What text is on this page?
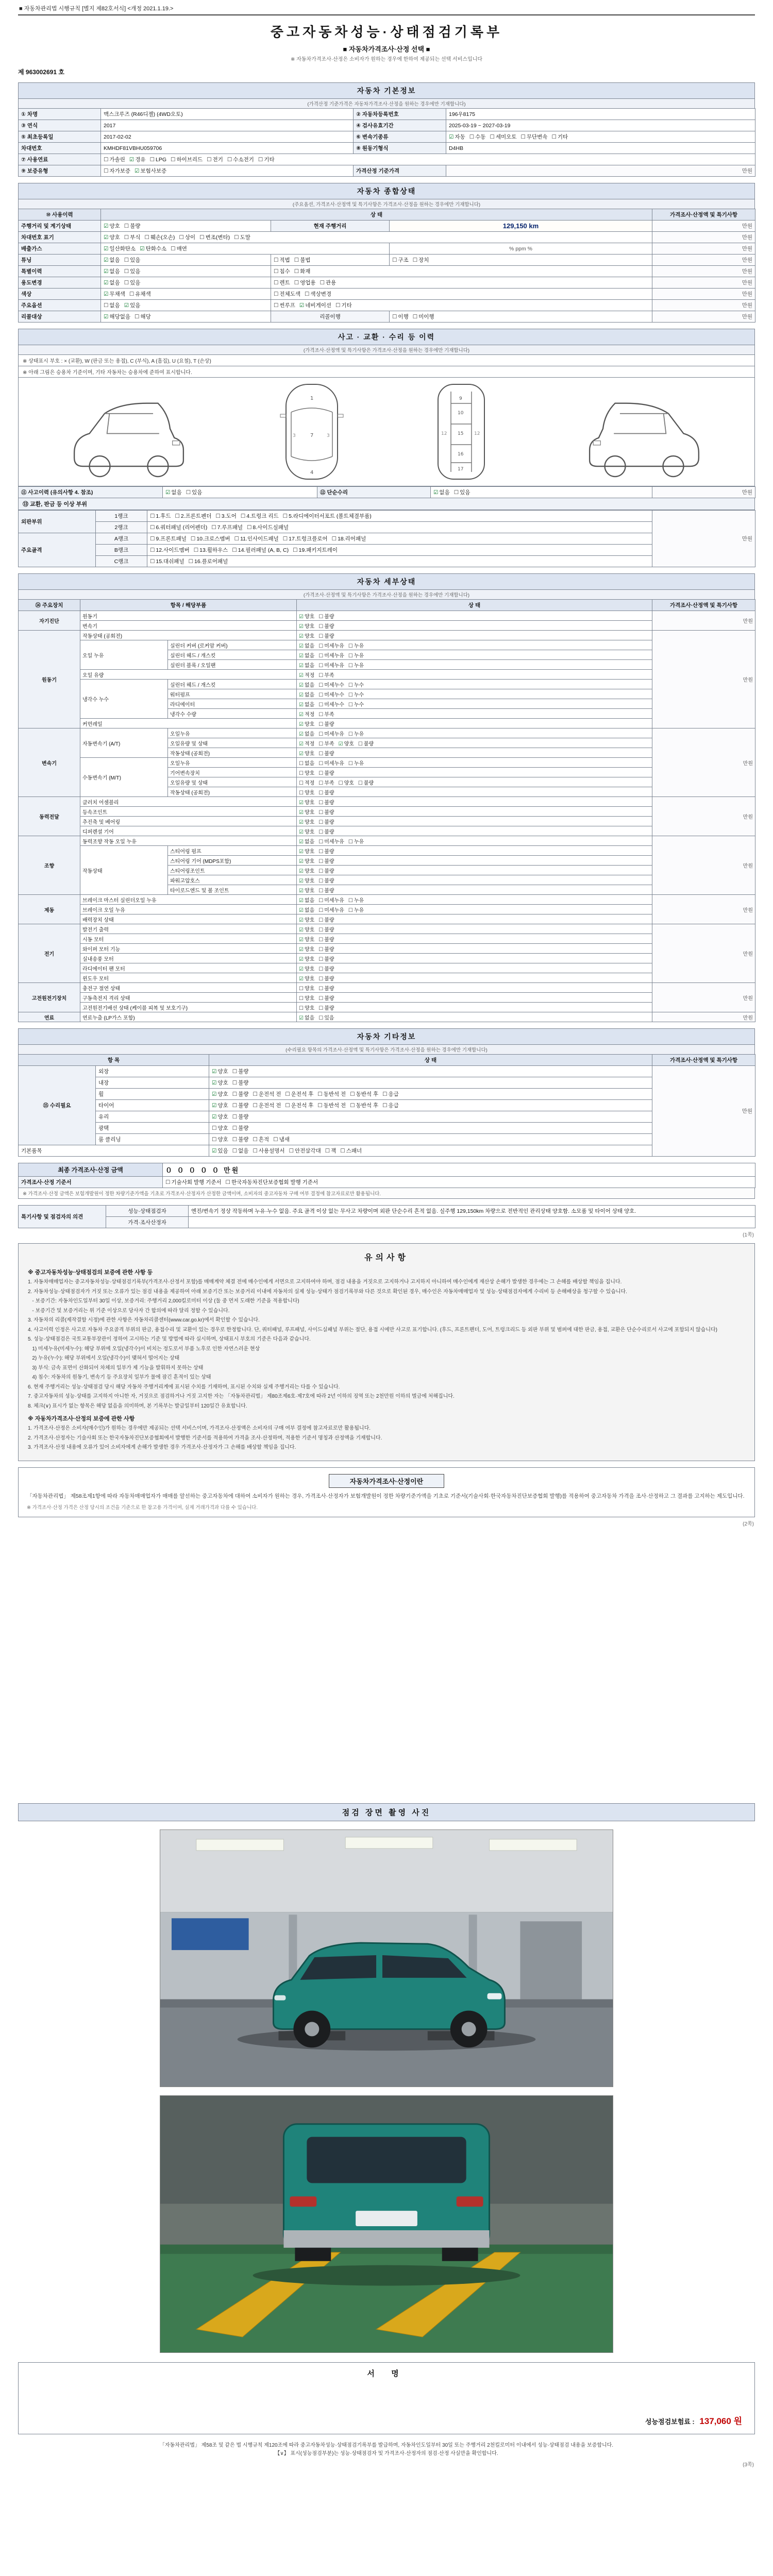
■ 자동차관리법 시행규칙 [별지 제82호서식] <개정 2021.1.19.>
중고자동차성능·상태점검기록부
■ 자동차가격조사·산정 선택 ■
※ 자동차가격조사·산정은 소비자가 원하는 경우에 한하여 제공되는 선택 서비스입니다
제 963002691 호
자동차 기본정보
(가격산정 기준가격은 자동차가격조사·산정을 원하는 경우에만 기재합니다)
① 차명	맥스크루즈 (R46디젤) (4WD오토)	② 자동차등록번호	196우8175
③ 연식	2017	④ 검사유효기간	2025-03-19 ~ 2027-03-19
⑤ 최초등록일	2017-02-02	⑥ 변속기종류	☑ 자동 ☐ 수동 ☐ 세미오토 ☐ 무단변속 ☐ 기타
차대번호	KMHDF81VBHU059706	⑧ 원동기형식	D4HB
⑦ 사용연료	☐ 가솔린 ☑ 경유 ☐ LPG ☐ 하이브리드 ☐ 전기 ☐ 수소전기 ☐ 기타		
⑨ 보증유형	☐ 자가보증 ☑ 보험사보증	가격산정 기준가격	만원
자동차 종합상태
(주요옵션, 가격조사·산정액 및 특기사항은 가격조사·산정을 원하는 경우에만 기재합니다)
⑩ 사용이력	상 태			가격조사·산정액 및 특기사항
주행거리 및 계기상태	☑ 양호 ☐ 불량	현재 주행거리	129,150 km	만원
차대번호 표기	☑ 양호 ☐ 부식 ☐ 훼손(오손) ☐ 상이 ☐ 변조(변타) ☐ 도말			만원
배출가스	☑ 일산화탄소 ☑ 탄화수소 ☐ 매연		% ppm %	만원
튜닝	☑ 없음 ☐ 있음	☐ 적법 ☐ 불법	☐ 구조 ☐ 장치	만원
특별이력	☑ 없음 ☐ 있음	☐ 침수 ☐ 화재		만원
용도변경	☑ 없음 ☐ 있음	☐ 렌트 ☐ 영업용 ☐ 관용		만원
색상	☑ 무채색 ☐ 유채색	☐ 전체도색 ☐ 색상변경		만원
주요옵션	☐ 없음 ☑ 있음	☐ 썬루프 ☑ 네비게이션 ☐ 기타		만원
리콜대상	☑ 해당없음 ☐ 해당	리콜이행	☐ 이행 ☐ 미이행	만원
사고 · 교환 · 수리 등 이력
(가격조사·산정액 및 특기사항은 가격조사·산정을 원하는 경우에만 기재합니다)
※ 상태표시 부호 : × (교환), W (판금 또는 용접), C (부식), A (흠집), U (요철), T (손상)
※ 아래 그림은 승용차 기준이며, 기타 자동차는 승용차에 준하여 표시합니다.
1
7
4
3	3
9
10
15
16
17
12	12
⑪ 사고이력 (유의사항 4. 참조)	☑ 없음 ☐ 있음	⑫ 단순수리	☑ 없음 ☐ 있음	만원
⑬ 교환, 판금 등 이상 부위
외판부위	1랭크	☐ 1.후드 ☐ 2.프론트펜더 ☐ 3.도어 ☐ 4.트렁크 리드 ☐ 5.라디에이터서포트 (볼트체결부품)	만원
	2랭크	☐ 6.쿼터패널 (리어펜더) ☐ 7.루프패널 ☐ 8.사이드실패널	
주요골격	A랭크	☐ 9.프론트패널 ☐ 10.크로스멤버 ☐ 11.인사이드패널 ☐ 17.트렁크플로어 ☐ 18.리어패널	
	B랭크	☐ 12.사이드멤버 ☐ 13.휠하우스 ☐ 14.필러패널 (A, B, C) ☐ 19.패키지트레이	
	C랭크	☐ 15.대쉬패널 ☐ 16.플로어패널	
자동차 세부상태
(가격조사·산정액 및 특기사항은 가격조사·산정을 원하는 경우에만 기재합니다)
⑭ 주요장치	항목 / 해당부품		상 태	가격조사·산정액 및 특기사항
자기진단	원동기		☑ 양호 ☐ 불량	만원
	변속기		☑ 양호 ☐ 불량	
원동기	작동상태 (공회전)		☑ 양호 ☐ 불량	만원
	오일 누유	실린더 커버 (로커암 커버)	☑ 없음 ☐ 미세누유 ☐ 누유	
		실린더 헤드 / 개스킷	☑ 없음 ☐ 미세누유 ☐ 누유	
		실린더 블록 / 오일팬	☑ 없음 ☐ 미세누유 ☐ 누유	
	오일 유량		☑ 적정 ☐ 부족	
	냉각수 누수	실린더 헤드 / 개스킷	☑ 없음 ☐ 미세누수 ☐ 누수	
		워터펌프	☑ 없음 ☐ 미세누수 ☐ 누수	
		라디에이터	☑ 없음 ☐ 미세누수 ☐ 누수	
		냉각수 수량	☑ 적정 ☐ 부족	
	커먼레일		☑ 양호 ☐ 불량	
변속기	자동변속기 (A/T)	오일누유	☑ 없음 ☐ 미세누유 ☐ 누유	만원
		오일유량 및 상태	☑ 적정 ☐ 부족 ☑ 양호 ☐ 불량	
		작동상태 (공회전)	☑ 양호 ☐ 불량	
	수동변속기 (M/T)	오일누유	☐ 없음 ☐ 미세누유 ☐ 누유	
		기어변속장치	☐ 양호 ☐ 불량	
		오일유량 및 상태	☐ 적정 ☐ 부족 ☐ 양호 ☐ 불량	
		작동상태 (공회전)	☐ 양호 ☐ 불량	
동력전달	클러치 어셈블리		☑ 양호 ☐ 불량	만원
	등속조인트		☑ 양호 ☐ 불량	
	추진축 및 베어링		☑ 양호 ☐ 불량	
	디퍼렌셜 기어		☑ 양호 ☐ 불량	
조향	동력조향 작동 오일 누유		☑ 없음 ☐ 미세누유 ☐ 누유	만원
	작동상태	스티어링 펌프	☑ 양호 ☐ 불량	
		스티어링 기어 (MDPS포함)	☑ 양호 ☐ 불량	
		스티어링조인트	☑ 양호 ☐ 불량	
		파워고압호스	☑ 양호 ☐ 불량	
		타이로드엔드 및 볼 조인트	☑ 양호 ☐ 불량	
제동	브레이크 마스터 실린더오일 누유		☑ 없음 ☐ 미세누유 ☐ 누유	만원
	브레이크 오일 누유		☑ 없음 ☐ 미세누유 ☐ 누유	
	배력장치 상태		☑ 양호 ☐ 불량	
전기	발전기 출력		☑ 양호 ☐ 불량	만원
	시동 모터		☑ 양호 ☐ 불량	
	와이퍼 모터 기능		☑ 양호 ☐ 불량	
	실내송풍 모터		☑ 양호 ☐ 불량	
	라디에이터 팬 모터		☑ 양호 ☐ 불량	
	윈도우 모터		☑ 양호 ☐ 불량	
고전원전기장치	충전구 절연 상태		☐ 양호 ☐ 불량	만원
	구동축전지 격리 상태		☐ 양호 ☐ 불량	
	고전원전기배선 상태 (케이블 피복 및 보호기구)		☐ 양호 ☐ 불량	
연료	연료누출 (LP가스 포함)		☑ 없음 ☐ 있음	만원
자동차 기타정보
(수리필요 항목의 가격조사·산정액 및 특기사항은 가격조사·산정을 원하는 경우에만 기재합니다)
항 목		상 태	가격조사·산정액 및 특기사항
⑮ 수리필요	외장	☑ 양호 ☐ 불량	만원
	내장	☑ 양호 ☐ 불량	
	휠	☑ 양호 ☐ 불량 ☐ 운전석 전 ☐ 운전석 후 ☐ 동반석 전 ☐ 동반석 후 ☐ 응급	
	타이어	☑ 양호 ☐ 불량 ☐ 운전석 전 ☐ 운전석 후 ☐ 동반석 전 ☐ 동반석 후 ☐ 응급	
	유리	☑ 양호 ☐ 불량	
	광택	☐ 양호 ☐ 불량	
	룸 클리닝	☐ 양호 ☐ 불량 ☐ 흔적 ☐ 냄새	
기본품목		☑ 있음 ☐ 없음 ☐ 사용설명서 ☐ 안전삼각대 ☐ 잭 ☐ 스패너	
최종 가격조사·산정 금액	０ ０ ０ ０ ０ 만원
가격조사·산정 기준서	☐ 기술사회 발행 기준서 ☐ 한국자동차진단보증협회 발행 기준서
※ 가격조사·산정 금액은 보험개발원이 정한 차량기준가액을 기초로 가격조사·산정자가 산정한 금액이며, 소비자의 중고자동차 구매 여부 결정에 참고자료로만 활용됩니다.
특기사항 및 점검자의 의견	성능·상태점검자	엔진/변속기 정상 작동하며 누유·누수 없음. 주요 골격 이상 없는 무사고 차량이며 외판 단순수리 흔적 없음. 실주행 129,150km 차량으로 전반적인 관리상태 양호함. 소모품 및 타이어 상태 양호.
	가격·조사산정자	
(1쪽)
유의사항
※ 중고자동차성능·상태점검의 보증에 관한 사항 등
1. 자동차매매업자는 중고자동차성능·상태점검기록부(가격조사·산정서 포함)를 매매계약 체결 전에 매수인에게 서면으로 고지하여야 하며, 점검 내용을 거짓으로 고지하거나 고지하지 아니하여 매수인에게 재산상 손해가 발생한 경우에는 그 손해를 배상할 책임을 집니다.
2. 자동차성능·상태점검자가 거짓 또는 오류가 있는 점검 내용을 제공하여 아래 보증기간 또는 보증거리 이내에 자동차의 실제 성능·상태가 점검기록부와 다른 것으로 확인된 경우, 매수인은 자동차매매업자 및 성능·상태점검자에게 수리비 등 손해배상을 청구할 수 있습니다.
- 보증기간: 자동차인도일부터 30일 이상, 보증거리: 주행거리 2,000킬로미터 이상 (둘 중 먼저 도래한 기준을 적용합니다)
- 보증기간 및 보증거리는 위 기준 이상으로 당사자 간 합의에 따라 달리 정할 수 있습니다.
3. 자동차의 리콜(제작결함 시정)에 관한 사항은 자동차리콜센터(www.car.go.kr)에서 확인할 수 있습니다.
4. 사고이력 인정은 사고로 자동차 주요골격 부위의 판금, 용접수리 및 교환이 있는 경우로 한정합니다. 단, 쿼터패널, 루프패널, 사이드실패널 부위는 절단, 용접 시에만 사고로 표기합니다. (후드, 프론트펜더, 도어, 트렁크리드 등 외판 부위 및 범퍼에 대한 판금, 용접, 교환은 단순수리로서 사고에 포함되지 않습니다)
5. 성능·상태점검은 국토교통부장관이 정하여 고시하는 기준 및 방법에 따라 실시하며, 상태표시 부호의 기준은 다음과 같습니다.
1) 미세누유(미세누수): 해당 부위에 오일(냉각수)이 비치는 정도로서 부품 노후로 인한 자연스러운 현상
2) 누유(누수): 해당 부위에서 오일(냉각수)이 맺혀서 떨어지는 상태
3) 부식: 금속 표면이 산화되어 차체의 일부가 제 기능을 발휘하지 못하는 상태
4) 침수: 자동차의 원동기, 변속기 등 주요장치 일부가 물에 잠긴 흔적이 있는 상태
6. 현재 주행거리는 성능·상태점검 당시 해당 자동차 주행거리계에 표시된 수치를 기재하며, 표시된 수치와 실제 주행거리는 다를 수 있습니다.
7. 중고자동차의 성능·상태를 고지하지 아니한 자, 거짓으로 점검하거나 거짓 고지한 자는 「자동차관리법」 제80조제6호·제7호에 따라 2년 이하의 징역 또는 2천만원 이하의 벌금에 처해집니다.
8. 체크(∨) 표시가 없는 항목은 해당 없음을 의미하며, 본 기록부는 발급일부터 120일간 유효합니다.
※ 자동차가격조사·산정의 보증에 관한 사항
1. 가격조사·산정은 소비자(매수인)가 원하는 경우에만 제공되는 선택 서비스이며, 가격조사·산정액은 소비자의 구매 여부 결정에 참고자료로만 활용됩니다.
2. 가격조사·산정자는 기술사회 또는 한국자동차진단보증협회에서 발행한 기준서를 적용하여 가격을 조사·산정하며, 적용한 기준서 명칭과 산정액을 기재합니다.
3. 가격조사·산정 내용에 오류가 있어 소비자에게 손해가 발생한 경우 가격조사·산정자가 그 손해를 배상할 책임을 집니다.
자동차가격조사·산정이란
「자동차관리법」 제58조제1항에 따라 자동차매매업자가 매매를 알선하는 중고자동차에 대하여 소비자가 원하는 경우, 가격조사·산정자가 보험개발원이 정한 차량기준가액을 기초로 기준서(기술사회·한국자동차진단보증협회 발행)를 적용하여 중고자동차 가격을 조사·산정하고 그 결과를 고지하는 제도입니다.
※ 가격조사·산정 가격은 산정 당시의 조건을 기준으로 한 참고용 가격이며, 실제 거래가격과 다를 수 있습니다.
(2쪽)
점검 장면 촬영 사진
서 명
성능점검보험료 : 137,060 원
「자동차관리법」 제58조 및 같은 법 시행규칙 제120조에 따라 중고자동차성능·상태점검기록부를 발급하며, 자동차인도일부터 30일 또는 주행거리 2천킬로미터 이내에서 성능·상태점검 내용을 보증합니다.
【∨】 표시(성능점검부분)는 성능·상태점검자 및 가격조사·산정자의 점검·산정 사실만을 확인합니다.
(3쪽)
